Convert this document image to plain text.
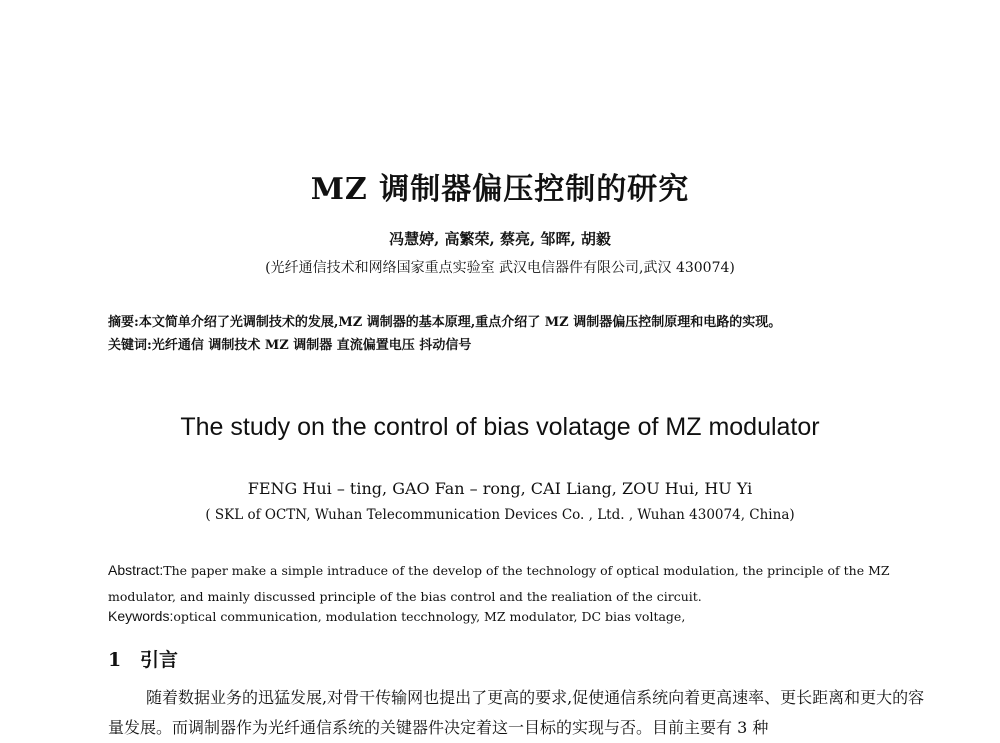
MZ 调制器偏压控制的研究
冯慧婷, 高繁荣, 蔡亮, 邹晖, 胡毅
(光纤通信技术和网络国家重点实验室 武汉电信器件有限公司,武汉 430074)
摘要:本文简单介绍了光调制技术的发展,MZ 调制器的基本原理,重点介绍了 MZ 调制器偏压控制原理和电路的实现。
关键词:光纤通信 调制技术 MZ 调制器 直流偏置电压 抖动信号
The study on the control of bias volatage of MZ modulator
FENG Hui – ting, GAO Fan – rong, CAI Liang, ZOU Hui, HU Yi
( SKL of OCTN, Wuhan Telecommunication Devices Co. , Ltd. , Wuhan 430074, China)
Abstract:The paper make a simple intraduce of the develop of the technology of optical modulation, the principle of the MZ modulator, and mainly discussed principle of the bias control and the realiation of the circuit.
Keywords:optical communication, modulation tecchnology, MZ modulator, DC bias voltage,
1 引言
随着数据业务的迅猛发展,对骨干传输网也提出了更高的要求,促使通信系统向着更高速率、更长距离和更大的容量发展。而调制器作为光纤通信系统的关键器件决定着这一目标的实现与否。目前主要有 3 种
